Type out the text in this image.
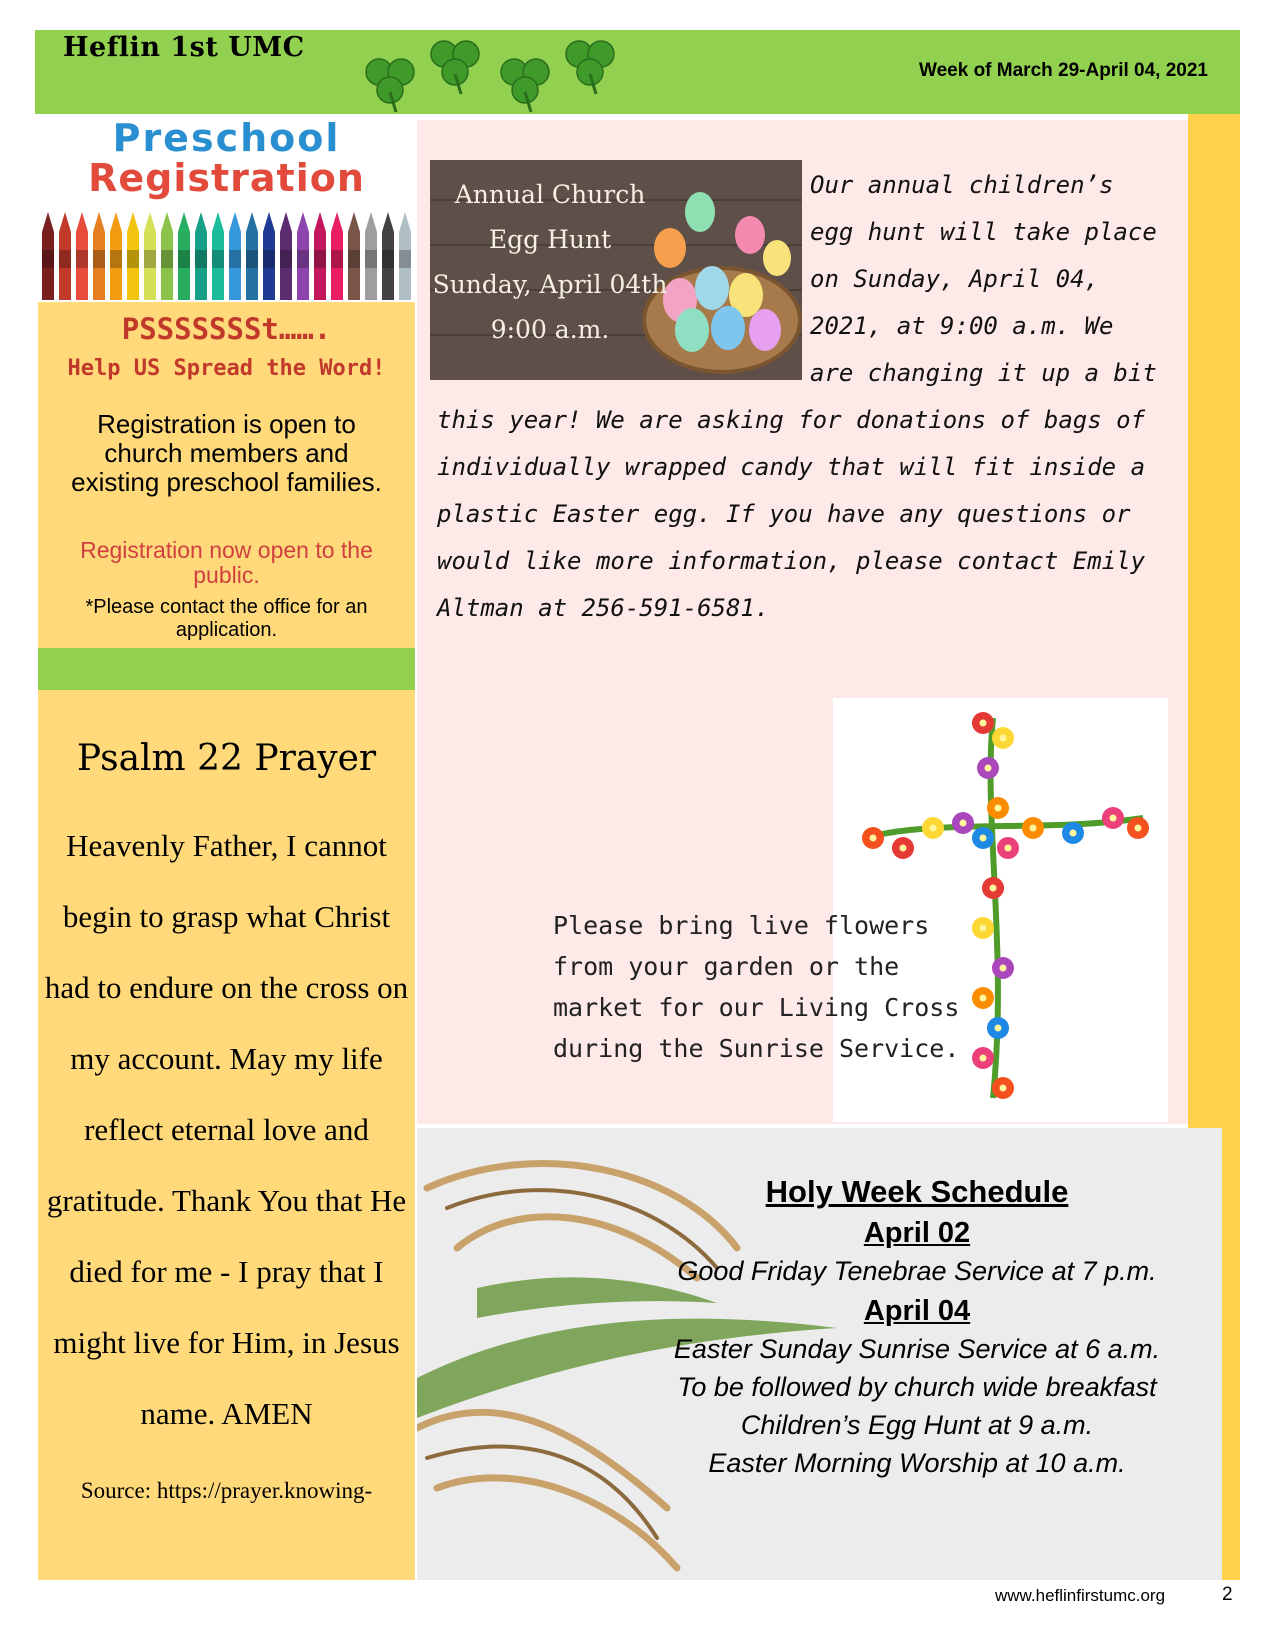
Heflin 1st UMC
Week of March 29-April 04, 2021
PSSSSSSSt…….
Help US Spread the Word!
Registration is open to church members and existing preschool families.
Registration now open to the public.
*Please contact the office for an application.
Preschool
Registration
Psalm 22 Prayer
Heavenly Father, I cannot begin to grasp what Christ had to endure on the cross on my account. May my life reflect eternal love and gratitude. Thank You that He died for me - I pray that I might live for Him, in Jesus name. AMEN
Source: https://prayer.knowing-
Annual Church
Egg Hunt
Sunday, April 04th
9:00 a.m.
Our annual children’s egg hunt will take place on Sunday, April 04, 2021, at 9:00 a.m. We are changing it up a bit this year! We are asking for donations of bags of individually wrapped candy that will fit inside a plastic Easter egg. If you have any questions or would like more information, please contact Emily Altman at 256-591-6581.
Please bring live flowers from your garden or the market for our Living Cross during the Sunrise Service.
Holy Week Schedule
April 02
Good Friday Tenebrae Service at 7 p.m.
April 04
Easter Sunday Sunrise Service at 6 a.m.
To be followed by church wide breakfast
Children’s Egg Hunt at 9 a.m.
Easter Morning Worship at 10 a.m.
www.heflinfirstumc.org	2
